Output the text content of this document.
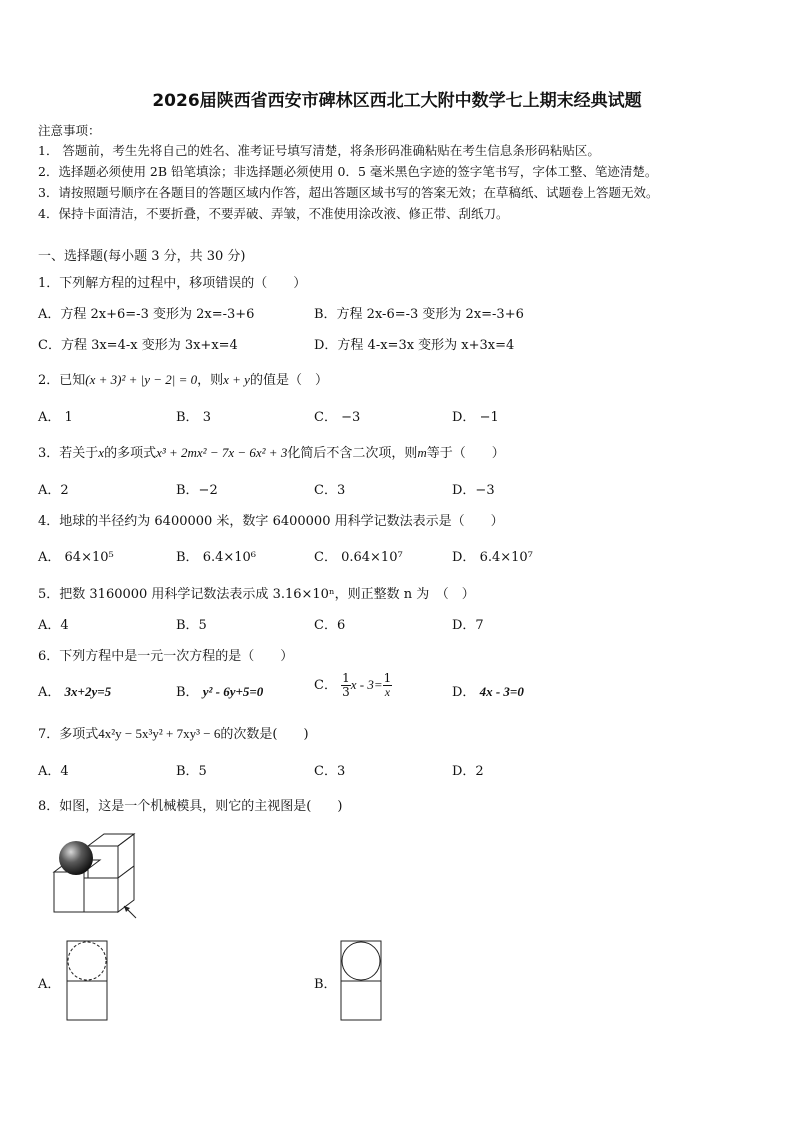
2026届陕西省西安市碑林区西北工大附中数学七上期末经典试题
注意事项：
1． 答题前，考生先将自己的姓名、准考证号填写清楚，将条形码准确粘贴在考生信息条形码粘贴区。
2．选择题必须使用 2B 铅笔填涂；非选择题必须使用 0．5 毫米黑色字迹的签字笔书写，字体工整、笔迹清楚。
3．请按照题号顺序在各题目的答题区域内作答，超出答题区域书写的答案无效；在草稿纸、试题卷上答题无效。
4．保持卡面清洁，不要折叠，不要弄破、弄皱，不准使用涂改液、修正带、刮纸刀。
一、选择题(每小题 3 分，共 30 分)
1．下列解方程的过程中，移项错误的（　　）
A．方程 2x+6=-3 变形为 2x=-3+6	B．方程 2x-6=-3 变形为 2x=-3+6
C．方程 3x=4-x 变形为 3x+x=4	D．方程 4-x=3x 变形为 x+3x=4
2．已知(x + 3)² + |y − 2| = 0，则x + y的值是（　）
A． 1	B． 3	C． −3	D． −1
3．若关于x的多项式x³ + 2mx² − 7x − 6x² + 3化简后不含二次项，则m等于（　　）
A．2	B．−2	C．3	D．−3
4．地球的半径约为 6400000 米，数字 6400000 用科学记数法表示是（　　）
A． 64×10⁵	B． 6.4×10⁶	C． 0.64×10⁷	D． 6.4×10⁷
5．把数 3160000 用科学记数法表示成 3.16×10ⁿ，则正整数 n 为　（　）
A．4	B．5	C．6	D．7
6．下列方程中是一元一次方程的是（　　）
A． 3x+2y=5	B． y² - 6y+5=0	C． $\frac{1}{3}$ $x - 3= \frac{1}{x}$	D． 4x - 3=0
7．多项式4x²y − 5x³y² + 7xy³ − 6的次数是(　　)
A．4	B．5	C．3	D．2
8．如图，这是一个机械模具，则它的主视图是(　　)
A．	B．
